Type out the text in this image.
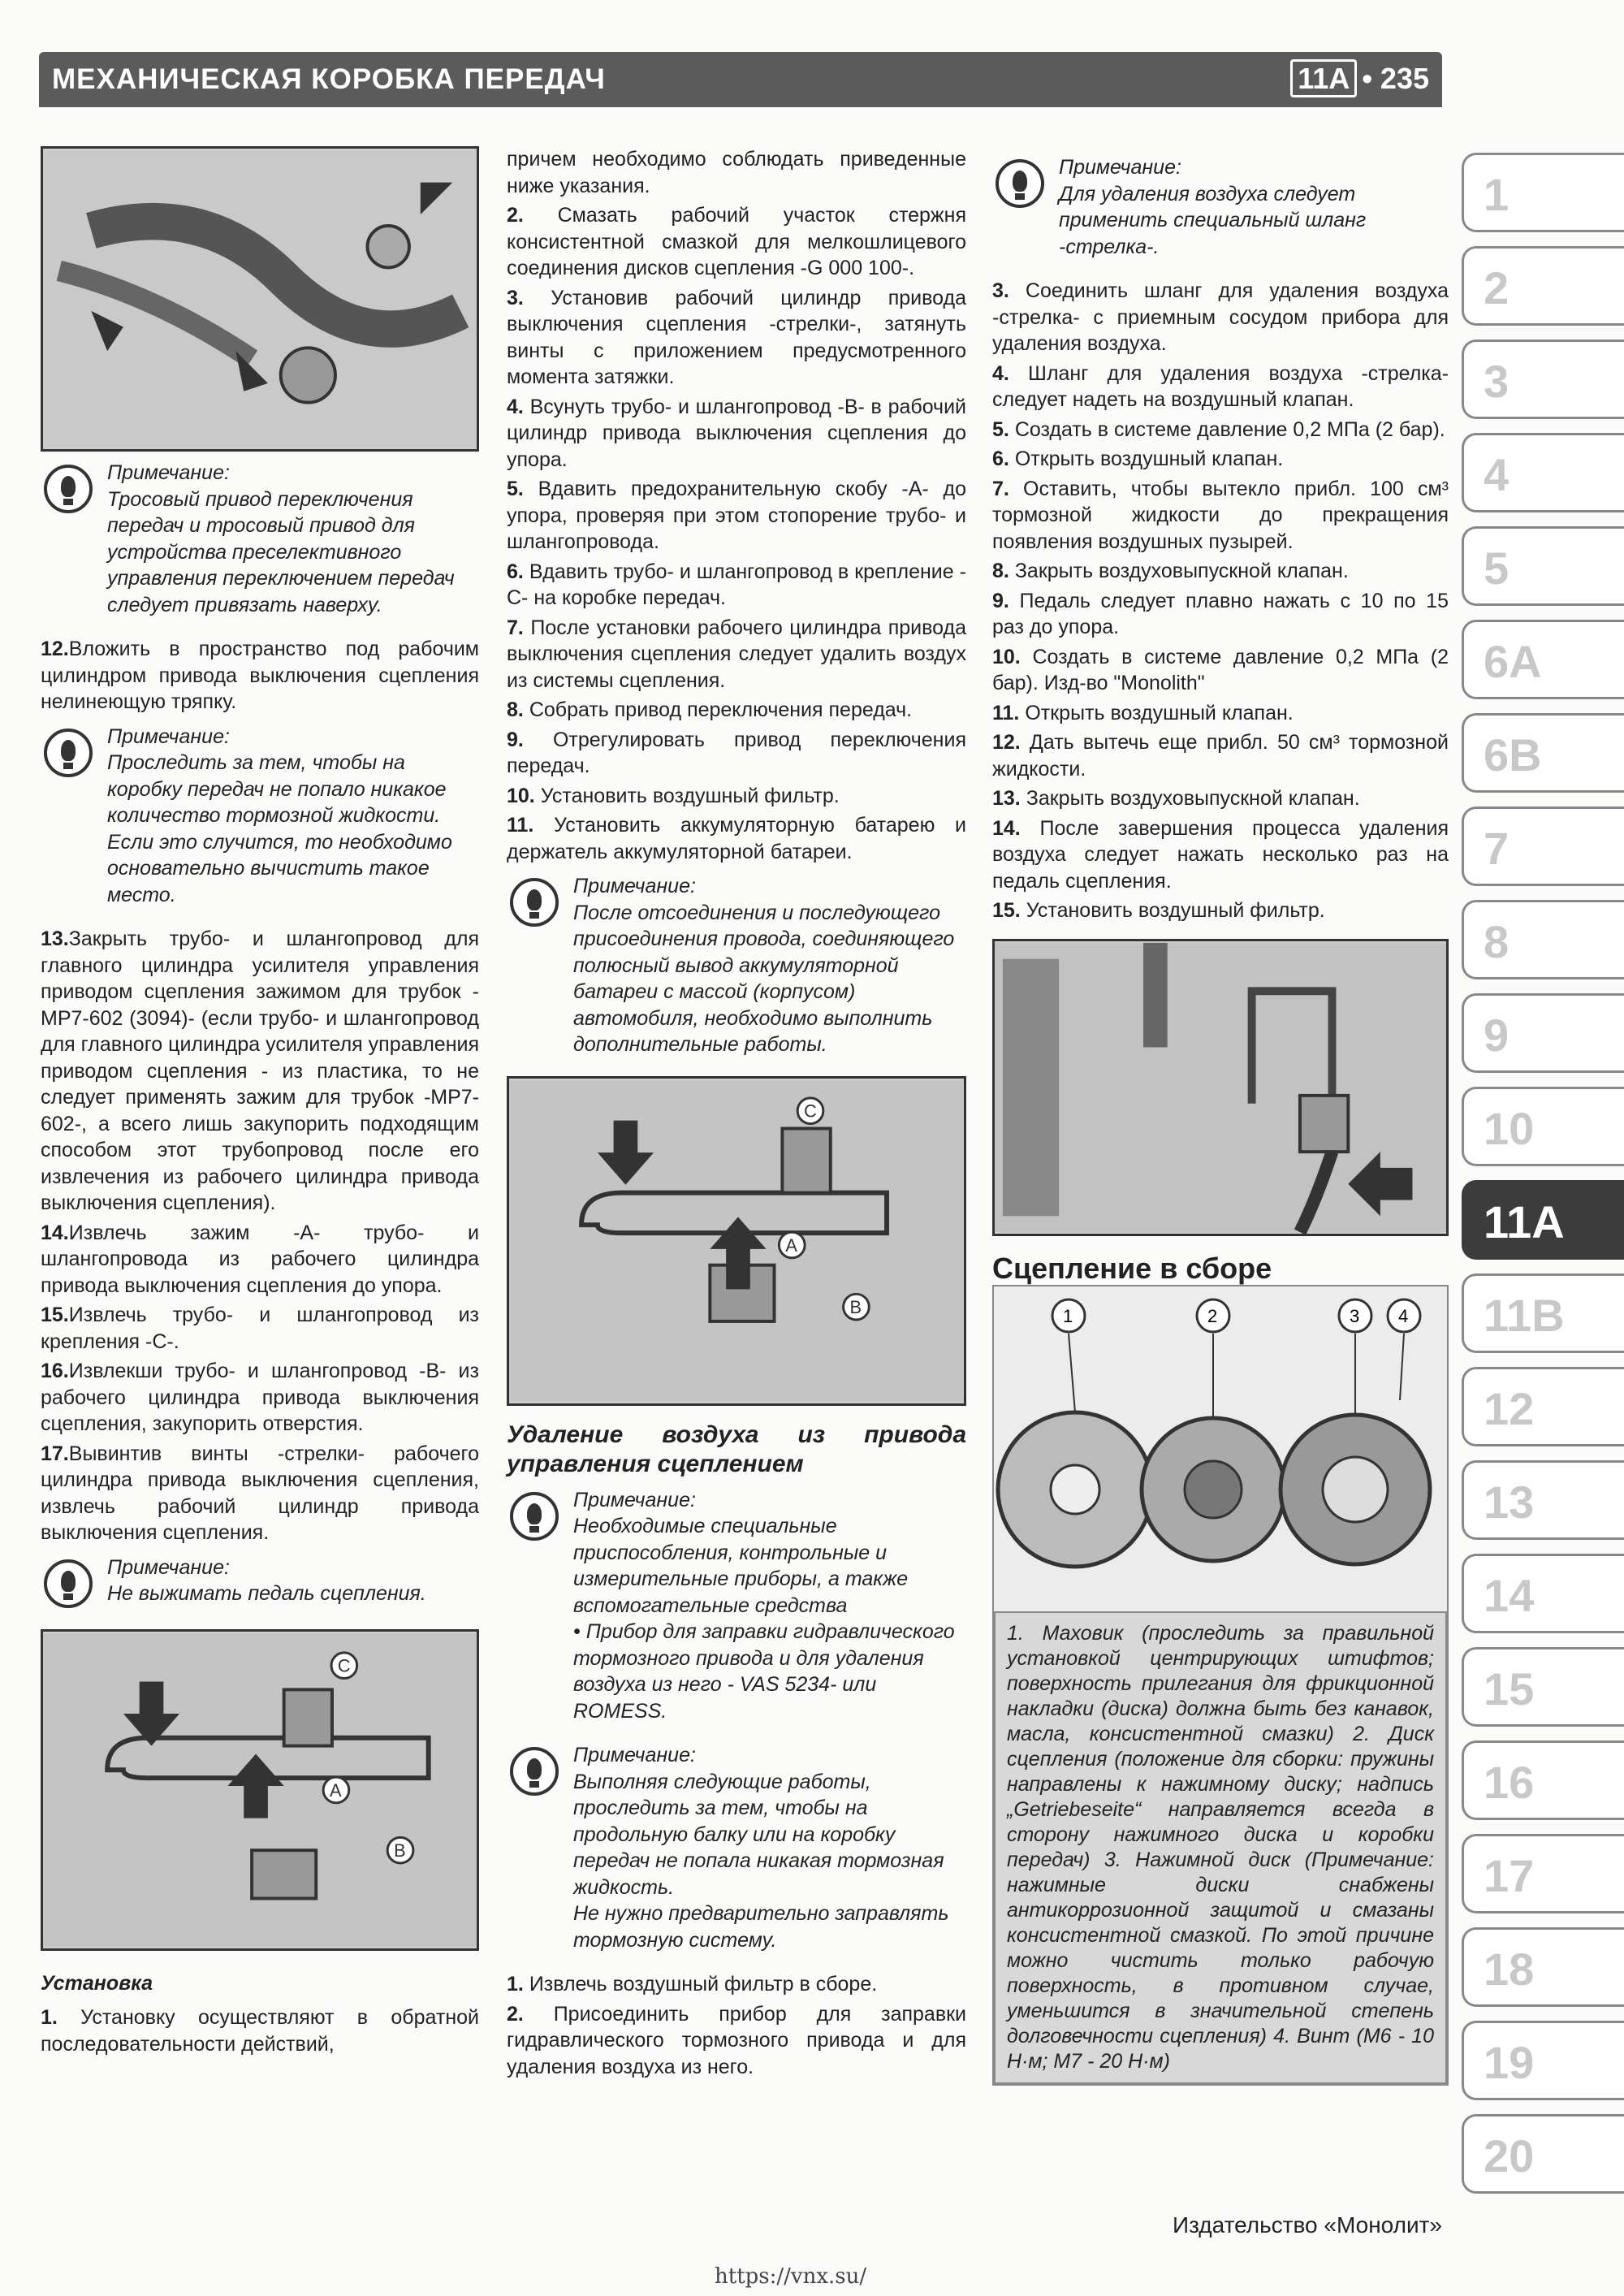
МЕХАНИЧЕСКАЯ КОРОБКА ПЕРЕДАЧ	11A • 235
Примечание:
Тросовый привод переключения передач и тросовый привод для устройства преселективного управления переключением передач следует привязать наверху.

12.Вложить в пространство под рабочим цилиндром привода выключения сцепления нелинеющую тряпку.

Примечание:
Проследить за тем, чтобы на коробку передач не попало никакое количество тормозной жидкости. Если это случится, то необходимо основательно вычистить такое место.

13.Закрыть трубо- и шлангопровод для главного цилиндра усилителя управления приводом сцепления зажимом для трубок -MP7-602 (3094)- (если трубо- и шлангопровод для главного цилиндра усилителя управления приводом сцепления - из пластика, то не следует применять зажим для трубок -MP7-602-, а всего лишь закупорить подходящим способом этот трубопровод после его извлечения из рабочего цилиндра привода выключения сцепления).

14.Извлечь зажим -A- трубо- и шлангопровода из рабочего цилиндра привода выключения сцепления до упора.

15.Извлечь трубо- и шлангопровод из крепления -C-.

16.Извлекши трубо- и шлангопровод -B- из рабочего цилиндра привода выключения сцепления, закупорить отверстия.

17.Вывинтив винты -стрелки- рабочего цилиндра привода выключения сцепления, извлечь рабочий цилиндр привода выключения сцепления.

Примечание:
Не выжимать педаль сцепления.
A
B
C

Установка

1. Установку осуществляют в обратной последовательности действий,

причем необходимо соблюдать приведенные ниже указания.

2. Смазать рабочий участок стержня консистентной смазкой для мелкошлицевого соединения дисков сцепления -G 000 100-.

3. Установив рабочий цилиндр привода выключения сцепления -стрелки-, затянуть винты с приложением предусмотренного момента затяжки.

4. Всунуть трубо- и шлангопровод -B- в рабочий цилиндр привода выключения сцепления до упора.

5. Вдавить предохранительную скобу -A- до упора, проверяя при этом стопорение трубо- и шлангопровода.

6. Вдавить трубо- и шлангопровод в крепление -C- на коробке передач.

7. После установки рабочего цилиндра привода выключения сцепления следует удалить воздух из системы сцепления.

8. Собрать привод переключения передач.

9. Отрегулировать привод переключения передач.

10. Установить воздушный фильтр.

11. Установить аккумуляторную батарею и держатель аккумуляторной батареи.

Примечание:
После отсоединения и последующего присоединения провода, соединяющего полюсный вывод аккумуляторной батареи с массой (корпусом) автомобиля, необходимо выполнить дополнительные работы.
A
B
C

Удаление воздуха из привода управления сцеплением

Примечание:
Необходимые специальные приспособления, контрольные и измерительные приборы, а также вспомогательные средства
• Прибор для заправки гидравлического тормозного привода и для удаления воздуха из него - VAS 5234- или ROMESS.
Примечание:
Выполняя следующие работы, проследить за тем, чтобы на продольную балку или на коробку передач не попала никакая тормозная жидкость.
Не нужно предварительно заправлять тормозную систему.

1. Извлечь воздушный фильтр в сборе.

2. Присоединить прибор для заправки гидравлического тормозного привода и для удаления воздуха из него.

Примечание:
Для удаления воздуха следует применить специальный шланг -стрелка-.

3. Соединить шланг для удаления воздуха -стрелка- с приемным сосудом прибора для удаления воздуха.

4. Шланг для удаления воздуха -стрелка- следует надеть на воздушный клапан.

5. Создать в системе давление 0,2 МПа (2 бар).

6. Открыть воздушный клапан.

7. Оставить, чтобы вытекло прибл. 100 см³ тормозной жидкости до прекращения появления воздушных пузырей.

8. Закрыть воздуховыпускной клапан.

9. Педаль следует плавно нажать с 10 по 15 раз до упора.

10. Создать в системе давление 0,2 МПа (2 бар). Изд-во "Monolith"

11. Открыть воздушный клапан.

12. Дать вытечь еще прибл. 50 см³ тормозной жидкости.

13. Закрыть воздуховыпускной клапан.

14. После завершения процесса удаления воздуха следует нажать несколько раз на педаль сцепления.

15. Установить воздушный фильтр.

Сцепление в сборе

1	2	3 4
1. Маховик (проследить за правильной установкой центрирующих штифтов; поверхность прилегания для фрикционной накладки (диска) должна быть без канавок, масла, консистентной смазки) 2. Диск сцепления (положение для сборки: пружины направлены к нажимному диску; надпись „Getriebeseite“ направляется всегда в сторону нажимного диска и коробки передач) 3. Нажимной диск (Примечание: нажимные диски снабжены антикоррозионной защитой и смазаны консистентной смазкой. По этой причине можно чистить только рабочую поверхность, в противном случае, уменьшится в значительной степень долговечности сцепления) 4. Винт (M6 - 10 Н·м; M7 - 20 Н·м)
1
2
3
4
5
6A
6B
7
8
9
10
11A
11B
12
13
14
15
16
17
18
19
20
Издательство «Монолит»
https://vnx.su/
